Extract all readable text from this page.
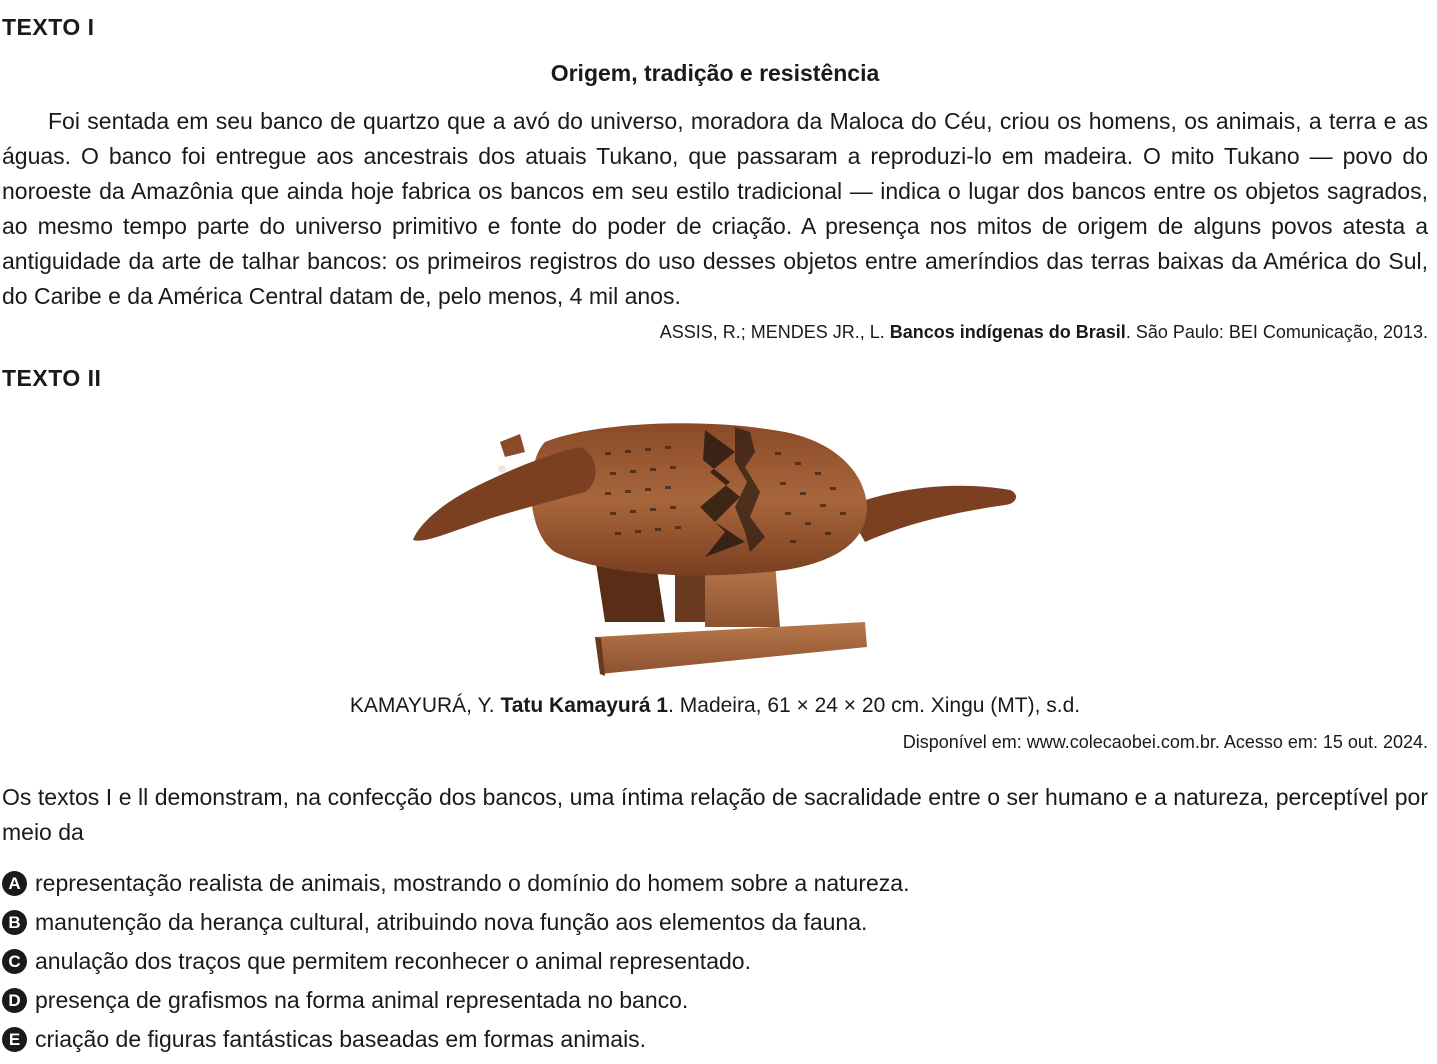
TEXTO I
Origem, tradição e resistência

Foi sentada em seu banco de quartzo que a avó do universo, moradora da Maloca do Céu, criou os homens, os animais, a terra e as águas. O banco foi entregue aos ancestrais dos atuais Tukano, que passaram a reproduzi-lo em madeira. O mito Tukano — povo do noroeste da Amazônia que ainda hoje fabrica os bancos em seu estilo tradicional — indica o lugar dos bancos entre os objetos sagrados, ao mesmo tempo parte do universo primitivo e fonte do poder de criação. A presença nos mitos de origem de alguns povos atesta a antiguidade da arte de talhar bancos: os primeiros registros do uso desses objetos entre ameríndios das terras baixas da América do Sul, do Caribe e da América Central datam de, pelo menos, 4 mil anos.

ASSIS, R.; MENDES JR., L. Bancos indígenas do Brasil. São Paulo: BEI Comunicação, 2013.
TEXTO II
KAMAYURÁ, Y. Tatu Kamayurá 1. Madeira, 61 × 24 × 20 cm. Xingu (MT), s.d.
Disponível em: www.colecaobei.com.br. Acesso em: 15 out. 2024.

Os textos I e ll demonstram, na confecção dos bancos, uma íntima relação de sacralidade entre o ser humano e a natureza, perceptível por meio da

A representação realista de animais, mostrando o domínio do homem sobre a natureza.
B manutenção da herança cultural, atribuindo nova função aos elementos da fauna.
C anulação dos traços que permitem reconhecer o animal representado.
D presença de grafismos na forma animal representada no banco.
E criação de figuras fantásticas baseadas em formas animais.
